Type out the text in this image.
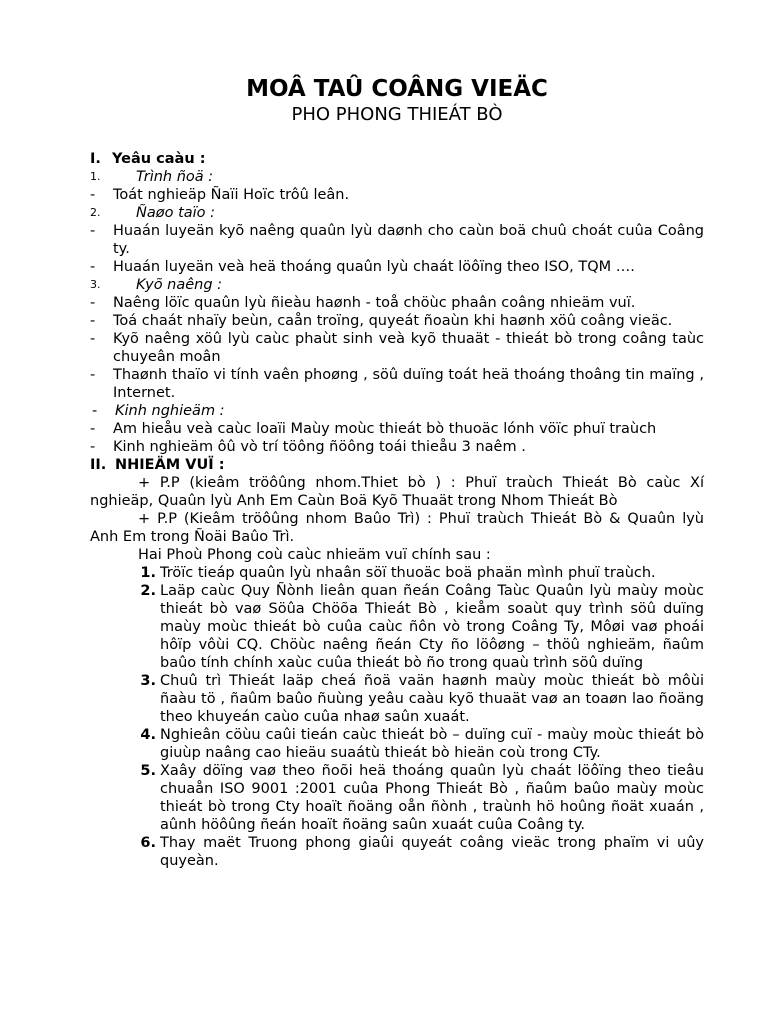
MOÂ TAÛ COÂNG VIEÄC
PHO PHONG THIEÁT BÒ
I. Yeâu caàu :
1.	Trình ñoä :
-	Toát nghieäp Ñaïi Hoïc trôû leân.
2.	Ñaøo taïo :
-	Huaán luyeän kyõ naêng quaûn lyù daønh cho caùn boä chuû choát cuûa Coâng ty.
-	Huaán luyeän veà heä thoáng quaûn lyù chaát löôïng theo ISO, TQM ….
3.	Kyõ naêng :
-	Naêng löïc quaûn lyù ñieàu haønh - toå chöùc phaân coâng nhieäm vuï.
-	Toá chaát nhaïy beùn, caån troïng, quyeát ñoaùn khi haønh xöû coâng vieäc.
-	Kyõ naêng xöû lyù caùc phaùt sinh veà kyõ thuaät - thieát bò trong coâng taùc chuyeân moân
-	Thaønh thaïo vi tính vaên phoøng , söû duïng toát heä thoáng thoâng tin maïng , Internet.
-	Kinh nghieäm :
-	Am hieåu veà caùc loaïi Maùy moùc thieát bò thuoäc lónh vöïc phuï traùch
-	Kinh nghieäm ôû vò trí töông ñöông toái thieåu 3 naêm .
II. NHIEÄM VUÏ :

+ P.P (kieâm tröôûng nhom.Thiet bò ) : Phuï traùch Thieát Bò caùc Xí nghieäp, Quaûn lyù Anh Em Caùn Boä Kyõ Thuaät trong Nhom Thieát Bò

+ P.P (Kieâm tröôûng nhom Baûo Trì) : Phuï traùch Thieát Bò & Quaûn lyù Anh Em trong Ñoäi Baûo Trì.

Hai Phoù Phong coù caùc nhieäm vuï chính sau :

1. Tröïc tieáp quaûn lyù nhaân söï thuoäc boä phaän mình phuï traùch.
2. Laäp caùc Quy Ñònh lieân quan ñeán Coâng Taùc Quaûn lyù maùy moùc thieát bò vaø Söûa Chöõa Thieát Bò , kieåm soaùt quy trình söû duïng maùy moùc thieát bò cuûa caùc ñôn vò trong Coâng Ty, Môøi vaø phoái hôïp vôùi CQ. Chöùc naêng ñeán Cty ño löôøng – thöû nghieäm, ñaûm baûo tính chính xaùc cuûa thieát bò ño trong quaù trình söû duïng
3. Chuû trì Thieát laäp cheá ñoä vaän haønh maùy moùc thieát bò môùi ñaàu tö , ñaûm baûo ñuùng yeâu caàu kyõ thuaät vaø an toaøn lao ñoäng theo khuyeán caùo cuûa nhaø saûn xuaát.
4. Nghieân cöùu caûi tieán caùc thieát bò – duïng cuï - maùy moùc thieát bò giuùp naâng cao hieäu suaátù thieát bò hieän coù trong CTy.
5. Xaây döïng vaø theo ñoõi heä thoáng quaûn lyù chaát löôïng theo tieâu chuaån ISO 9001 :2001 cuûa Phong Thieát Bò , ñaûm baûo maùy moùc thieát bò trong Cty hoaït ñoäng oån ñònh , traùnh hö hoûng ñoät xuaán , aûnh höôûng ñeán hoaït ñoäng saûn xuaát cuûa Coâng ty.
6. Thay maët Truong phong giaûi quyeát coâng vieäc trong phaïm vi uûy quyeàn.
